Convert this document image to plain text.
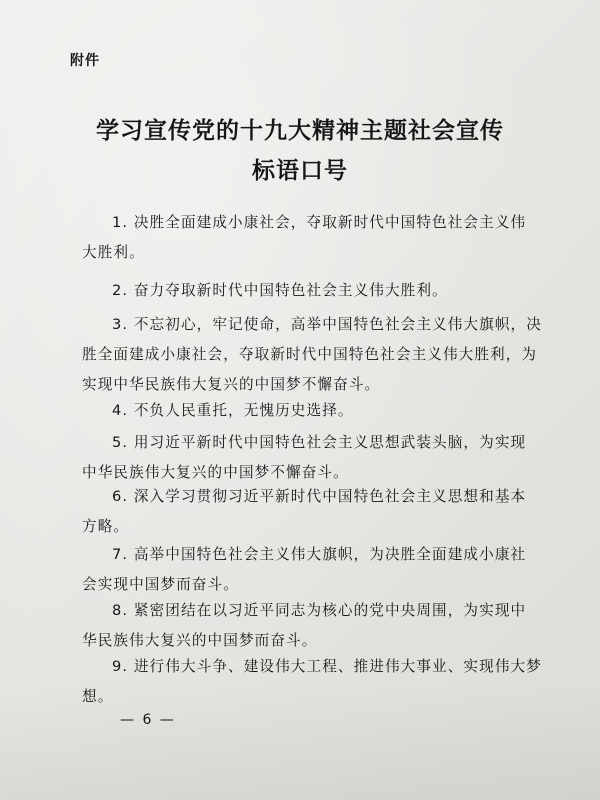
附件
学习宣传党的十九大精神主题社会宣传
标语口号

1. 决胜全面建成小康社会，夺取新时代中国特色社会主义伟
大胜利。

2. 奋力夺取新时代中国特色社会主义伟大胜利。

3. 不忘初心，牢记使命，高举中国特色社会主义伟大旗帜，决
胜全面建成小康社会，夺取新时代中国特色社会主义伟大胜利，为
实现中华民族伟大复兴的中国梦不懈奋斗。

4. 不负人民重托，无愧历史选择。

5. 用习近平新时代中国特色社会主义思想武装头脑，为实现
中华民族伟大复兴的中国梦不懈奋斗。

6. 深入学习贯彻习近平新时代中国特色社会主义思想和基本
方略。

7. 高举中国特色社会主义伟大旗帜，为决胜全面建成小康社
会实现中国梦而奋斗。

8. 紧密团结在以习近平同志为核心的党中央周围，为实现中
华民族伟大复兴的中国梦而奋斗。

9. 进行伟大斗争、建设伟大工程、推进伟大事业、实现伟大梦
想。

— 6 —
